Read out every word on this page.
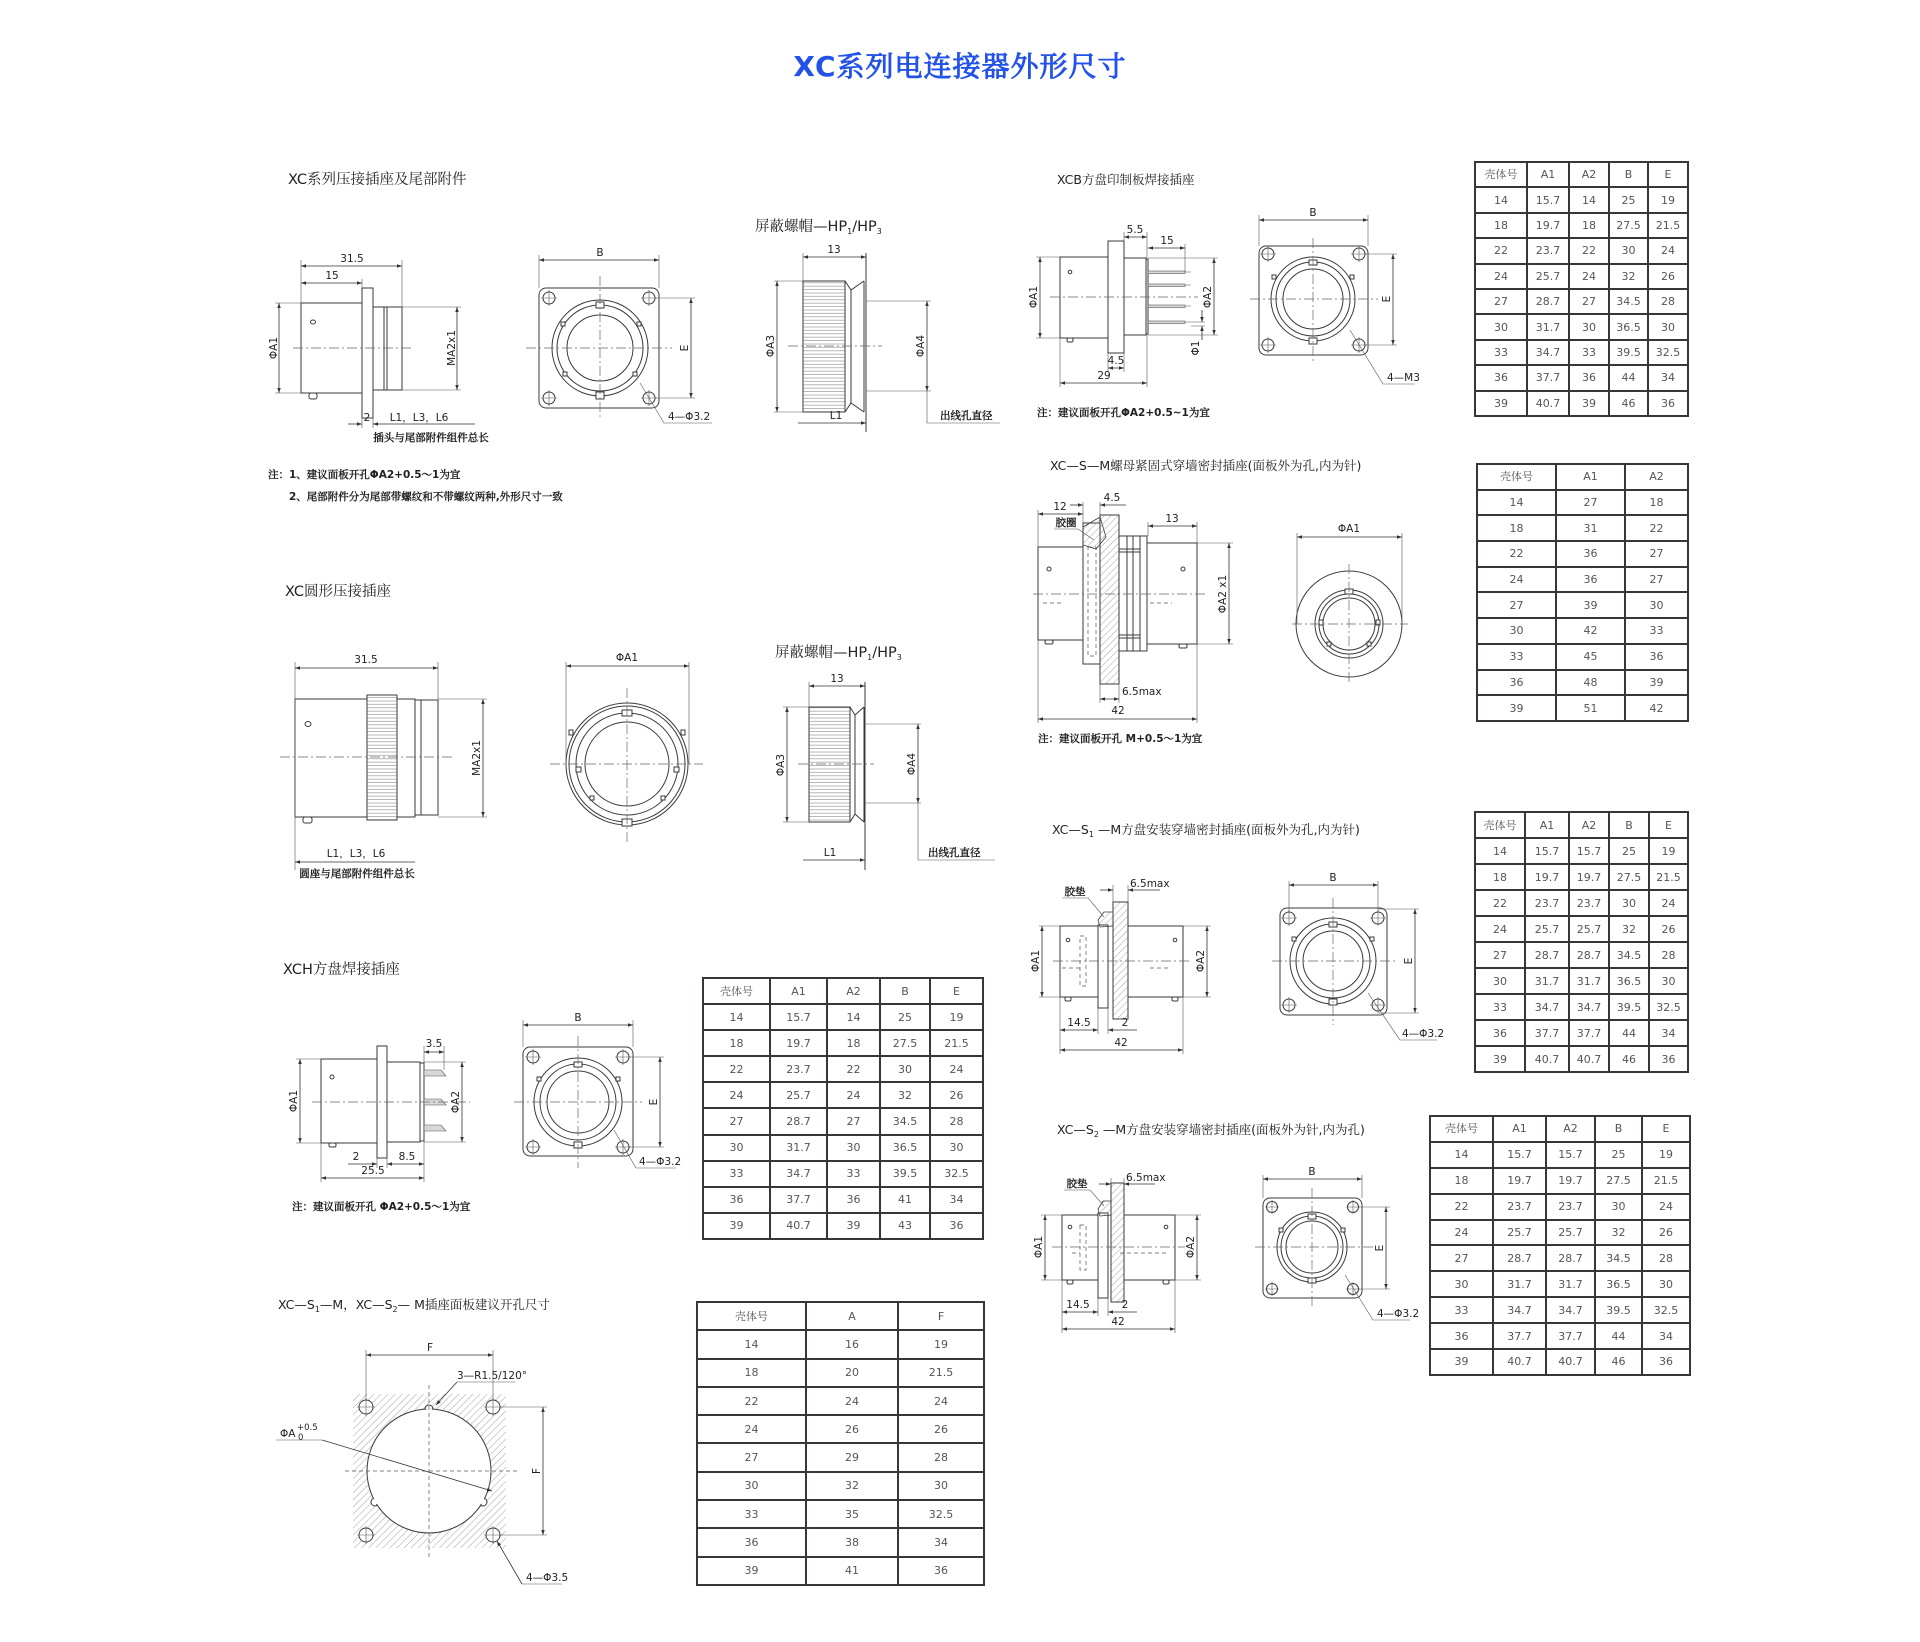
ΦA1
31.5
15
MA2x1
2 L1，L3，L6
插头与尾部附件组件总长
B
E
4—Φ3.2
13
ΦA3	ΦA4
L1	出线孔直径
31.5
MA2x1
L1，L3，L6
圆座与尾部附件组件总长
ΦA1
13
ΦA3	ΦA4
L1	出线孔直径
ΦA1	ΦA2
3.5
2	8.5
25.5
B
E
4—Φ3.2
F
F
3—R1.5/120°
ΦA +0.5
0
4—Φ3.5
ΦA1	ΦA2
Φ1
5.5
15
4.5
29
B
E
4—M3
12
4.5
13
胶圈
ΦA2 x1
6.5max
42
ΦA1
ΦA1	ΦA2
胶垫
6.5max
14.5	2
42
B
E
4—Φ3.2
ΦA1	ΦA2
胶垫	6.5max
14.5	2
42
B
E
4—Φ3.2
XC系列电连接器外形尺寸
XC系列压接插座及尾部附件
屏蔽螺帽$—HP_1/HP_3$
XC圆形压接插座
屏蔽螺帽$—HP_1/HP_3$
XCH方盘焊接插座
$XC—S_1—M$，$XC—S_2—$ M插座面板建议开孔尺寸
XCB方盘印制板焊接插座
XC—S—M螺母紧固式穿墙密封插座(面板外为孔,内为针)
$XC—S_1$ —M方盘安装穿墙密封插座(面板外为孔,内为针)
$XC—S_2$ —M方盘安装穿墙密封插座(面板外为针,内为孔)
注：1、建议面板开孔ΦA2+0.5～1为宜
2、尾部附件分为尾部带螺纹和不带螺纹两种,外形尺寸一致
注：建议面板开孔 ΦA2+0.5～1为宜
注：建议面板开孔ΦA2+0.5~1为宜
注：建议面板开孔 M+0.5～1为宜
壳体号	A1	A2	B	E
14	15.7	14	25	19
18	19.7	18	27.5	21.5
22	23.7	22	30	24
24	25.7	24	32	26
27	28.7	27	34.5	28
30	31.7	30	36.5	30
33	34.7	33	39.5	32.5
36	37.7	36	44	34
39	40.7	39	46	36
壳体号	A1	A2
14	27	18
18	31	22
22	36	27
24	36	27
27	39	30
30	42	33
33	45	36
36	48	39
39	51	42
壳体号	A1	A2	B	E
14	15.7	15.7	25	19
18	19.7	19.7	27.5	21.5
22	23.7	23.7	30	24
24	25.7	25.7	32	26
27	28.7	28.7	34.5	28
30	31.7	31.7	36.5	30
33	34.7	34.7	39.5	32.5
36	37.7	37.7	44	34
39	40.7	40.7	46	36
壳体号	A1	A2	B	E
14	15.7	15.7	25	19
18	19.7	19.7	27.5	21.5
22	23.7	23.7	30	24
24	25.7	25.7	32	26
27	28.7	28.7	34.5	28
30	31.7	31.7	36.5	30
33	34.7	34.7	39.5	32.5
36	37.7	37.7	44	34
39	40.7	40.7	46	36
壳体号	A1	A2	B	E
14	15.7	14	25	19
18	19.7	18	27.5	21.5
22	23.7	22	30	24
24	25.7	24	32	26
27	28.7	27	34.5	28
30	31.7	30	36.5	30
33	34.7	33	39.5	32.5
36	37.7	36	41	34
39	40.7	39	43	36
壳体号	A	F
14	16	19
18	20	21.5
22	24	24
24	26	26
27	29	28
30	32	30
33	35	32.5
36	38	34
39	41	36
